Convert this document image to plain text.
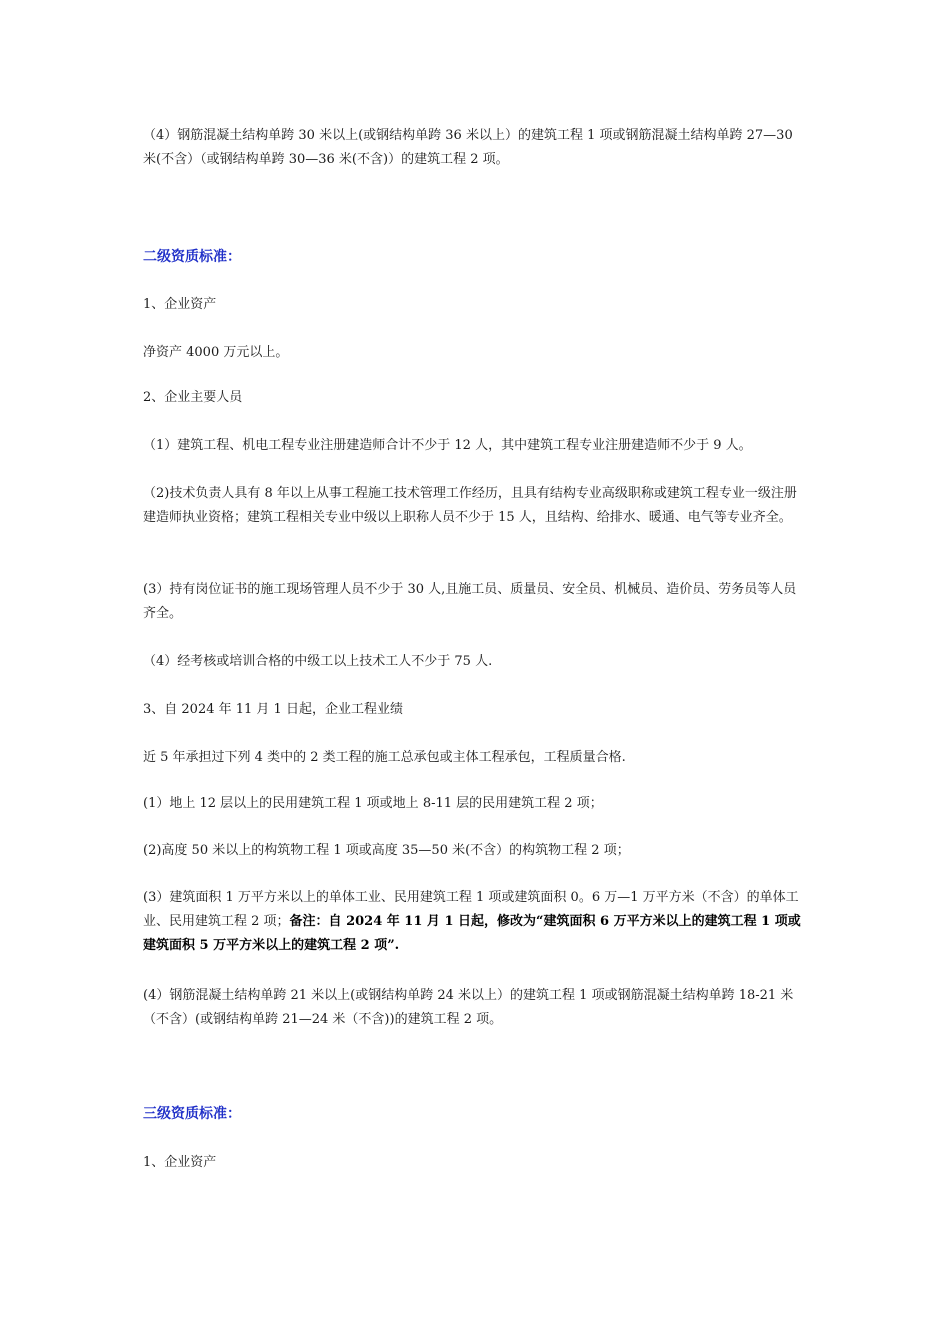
（4）钢筋混凝土结构单跨 30 米以上(或钢结构单跨 36 米以上）的建筑工程 1 项或钢筋混凝土结构单跨 27—30 米(不含）（或钢结构单跨 30—36 米(不含)）的建筑工程 2 项。

二级资质标准：

1、企业资产

净资产 4000 万元以上。

2、企业主要人员

（1）建筑工程、机电工程专业注册建造师合计不少于 12 人，其中建筑工程专业注册建造师不少于 9 人。

（2)技术负责人具有 8 年以上从事工程施工技术管理工作经历，且具有结构专业高级职称或建筑工程专业一级注册建造师执业资格；建筑工程相关专业中级以上职称人员不少于 15 人，且结构、给排水、暖通、电气等专业齐全。

(3）持有岗位证书的施工现场管理人员不少于 30 人,且施工员、质量员、安全员、机械员、造价员、劳务员等人员齐全。

（4）经考核或培训合格的中级工以上技术工人不少于 75 人.

3、自 2024 年 11 月 1 日起，企业工程业绩

近 5 年承担过下列 4 类中的 2 类工程的施工总承包或主体工程承包，工程质量合格.

(1）地上 12 层以上的民用建筑工程 1 项或地上 8-11 层的民用建筑工程 2 项；

(2)高度 50 米以上的构筑物工程 1 项或高度 35—50 米(不含）的构筑物工程 2 项；

(3）建筑面积 1 万平方米以上的单体工业、民用建筑工程 1 项或建筑面积 0。6 万—1 万平方米（不含）的单体工业、民用建筑工程 2 项；备注：自 2024 年 11 月 1 日起，修改为“建筑面积 6 万平方米以上的建筑工程 1 项或建筑面积 5 万平方米以上的建筑工程 2 项”.

(4）钢筋混凝土结构单跨 21 米以上(或钢结构单跨 24 米以上）的建筑工程 1 项或钢筋混凝土结构单跨 18-21 米（不含）(或钢结构单跨 21—24 米（不含))的建筑工程 2 项。

三级资质标准：

1、企业资产
